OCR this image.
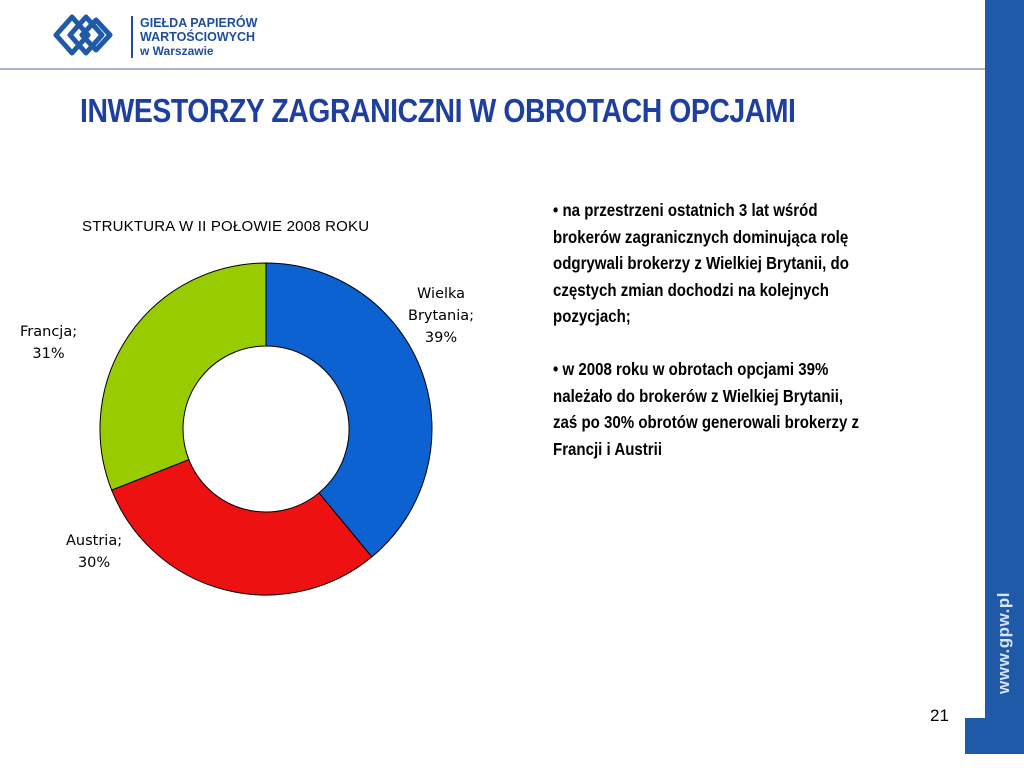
GIEŁDA PAPIERÓW
WARTOŚCIOWYCH
w Warszawie
www.gpw.pl
INWESTORZY ZAGRANICZNI W OBROTACH OPCJAMI
STRUKTURA W II POŁOWIE 2008 ROKU
Wielka
Brytania;
39%
Austria;
30%
Francja;
31%
• na przestrzeni ostatnich 3 lat wśród
brokerów zagranicznych dominująca rolę
odgrywali brokerzy z Wielkiej Brytanii, do
częstych zmian dochodzi na kolejnych
pozycjach;
• w 2008 roku w obrotach opcjami 39%
należało do brokerów z Wielkiej Brytanii,
zaś po 30% obrotów generowali brokerzy z
Francji i Austrii
21
